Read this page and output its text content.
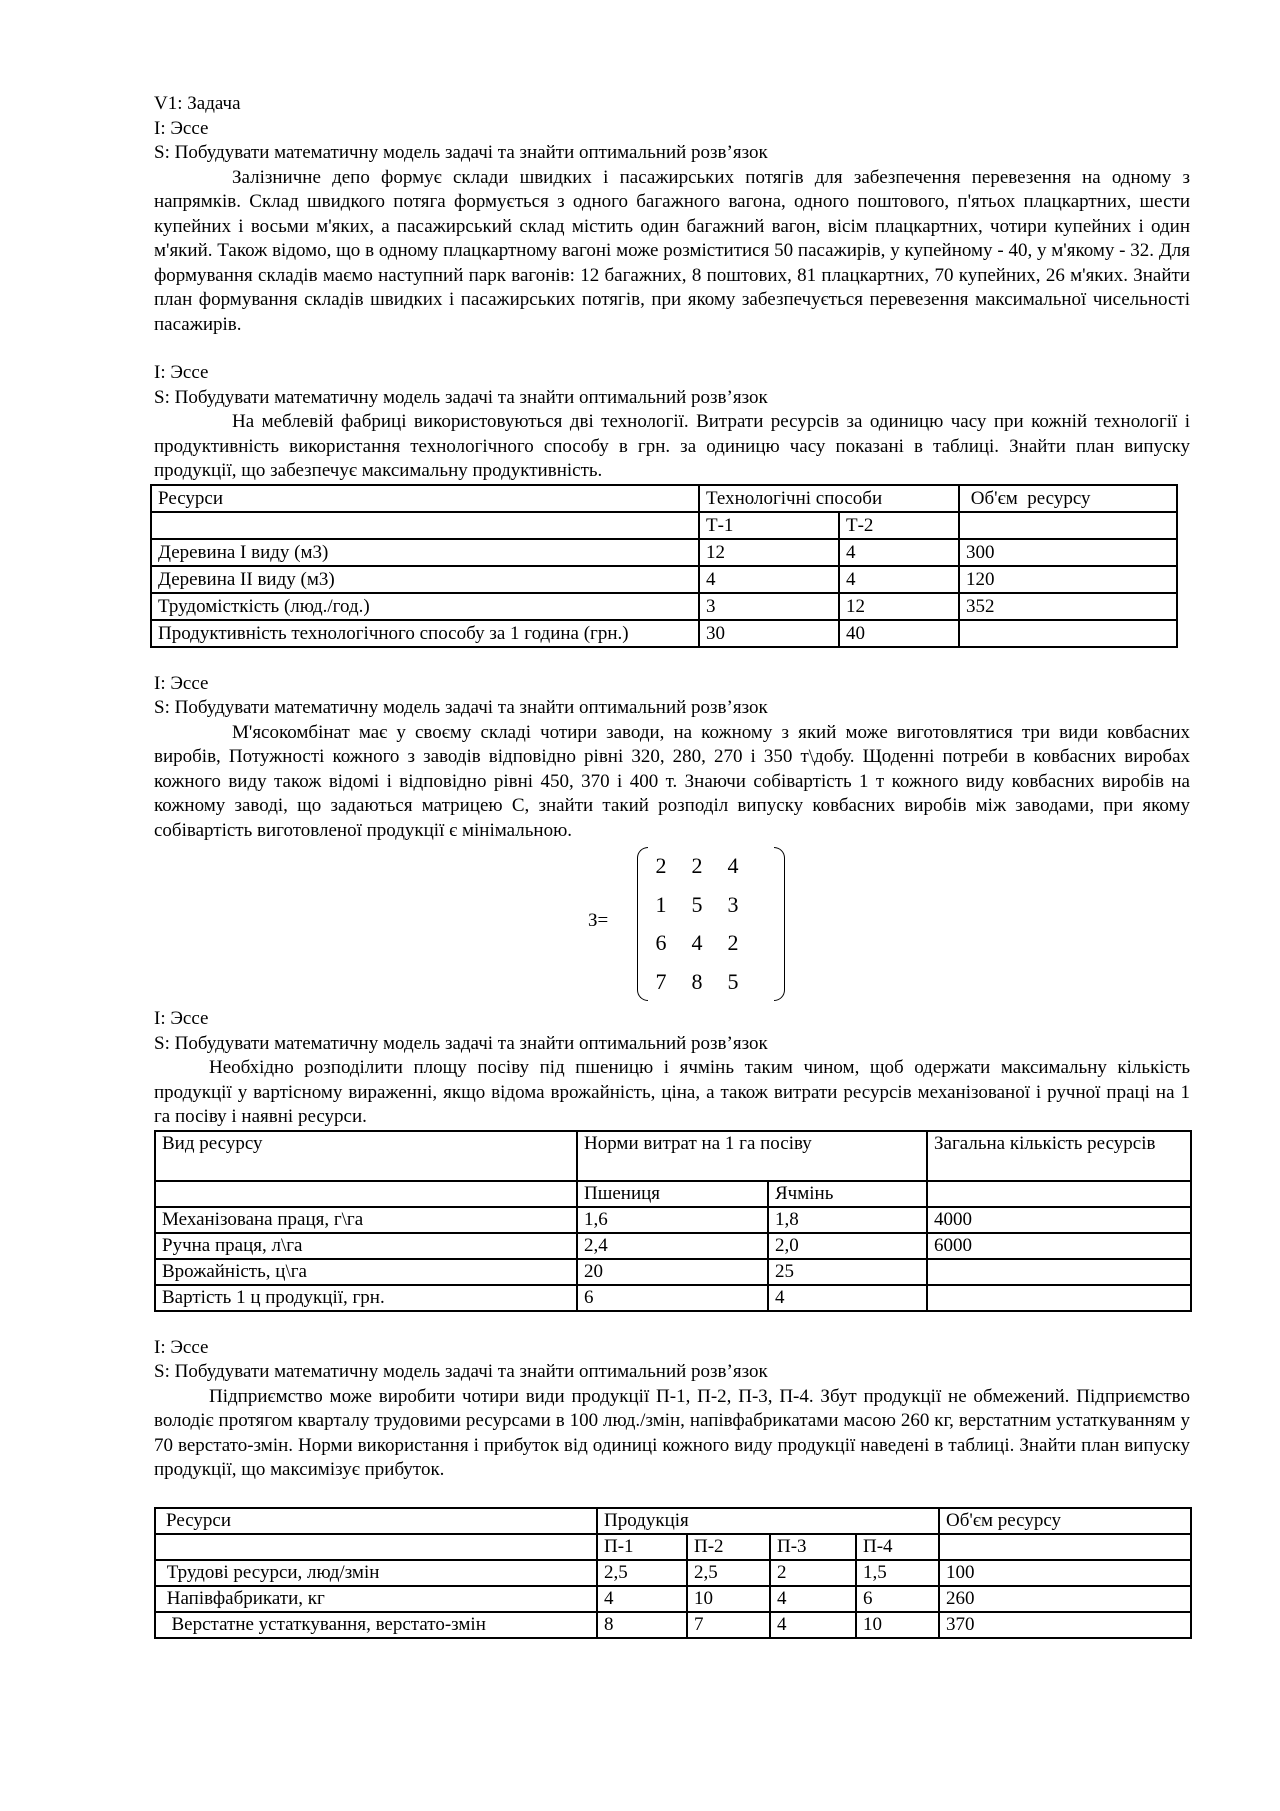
V1: Задача
I: Эссе
S: Побудувати математичну модель задачі та знайти оптимальний розв’язок
Залізничне депо формує склади швидких і пасажирських потягів для забезпечення перевезення на одному з напрямків. Склад швидкого потяга формується з одного багажного вагона, одного поштового, п'ятьох плацкартних, шести купейних і восьми м'яких, а пасажирський склад містить один багажний вагон, вісім плацкартних, чотири купейних і один м'який. Також відомо, що в одному плацкартному вагоні може розміститися 50 пасажирів, у купейному - 40, у м'якому - 32. Для формування складів маємо наступний парк вагонів: 12 багажних, 8 поштових, 81 плацкартних, 70 купейних, 26 м'яких. Знайти план формування складів швидких і пасажирських потягів, при якому забезпечується перевезення максимальної чисельності пасажирів.
I: Эссе
S: Побудувати математичну модель задачі та знайти оптимальний розв’язок
На меблевій фабриці використовуються дві технології. Витрати ресурсів за одиницю часу при кожній технології і продуктивність використання технологічного способу в грн. за одиницю часу показані в таблиці. Знайти план випуску продукції, що забезпечує максимальну продуктивність.
Ресурси	Технологічні способи		Об'єм  ресурсу
	Т-1	Т-2	
Деревина І виду (м3)	12	4	300
Деревина ІІ виду (м3)	4	4	120
Трудомісткість (люд./год.)	3	12	352
Продуктивність технологічного способу за 1 година (грн.)	30	40	
I: Эссе
S: Побудувати математичну модель задачі та знайти оптимальний розв’язок
М'ясокомбінат має у своєму складі чотири заводи, на кожному з який може виготовлятися три види ковбасних виробів, Потужності кожного з заводів відповідно рівні 320, 280, 270 і 350 т\добу. Щоденні потреби в ковбасних виробах кожного виду також відомі і відповідно рівні 450, 370 і 400 т. Знаючи собівартість 1 т кожного виду ковбасних виробів на кожному заводі, що задаються матрицею С, знайти такий розподіл випуску ковбасних виробів між заводами, при якому собівартість виготовленої продукції є мінімальною.
З=
2	2	4
1	5	3
6	4	2
7	8	5
I: Эссе
S: Побудувати математичну модель задачі та знайти оптимальний розв’язок
Необхідно розподілити площу посіву під пшеницю і ячмінь таким чином, щоб одержати максимальну кількість продукції у вартісному вираженні, якщо відома врожайність, ціна, а також витрати ресурсів механізованої і ручної праці на 1 га посіву і наявні ресурси.
Вид ресурсу	Норми витрат на 1 га посіву		Загальна кількість ресурсів
	Пшениця	Ячмінь	
Механізована праця, г\га	1,6	1,8	4000
Ручна праця, л\га	2,4	2,0	6000
Врожайність, ц\га	20	25	
Вартість 1 ц продукції, грн.	6	4	
I: Эссе
S: Побудувати математичну модель задачі та знайти оптимальний розв’язок
Підприємство може виробити чотири види продукції П-1, П-2, П-3, П-4. Збут продукції не обмежений. Підприємство володіє протягом кварталу трудовими ресурсами в 100 люд./змін, напівфабрикатами масою 260 кг, верстатним устаткуванням у 70 верстато-змін. Норми використання і прибуток від одиниці кожного виду продукції наведені в таблиці. Знайти план випуску продукції, що максимізує прибуток.
Ресурси	Продукція				Об'єм ресурсу
	П-1	П-2	П-3	П-4	
Трудові ресурси, люд/змін	2,5	2,5	2	1,5	100
Напівфабрикати, кг	4	10	4	6	260
Верстатне устаткування, верстато-змін	8	7	4	10	370
